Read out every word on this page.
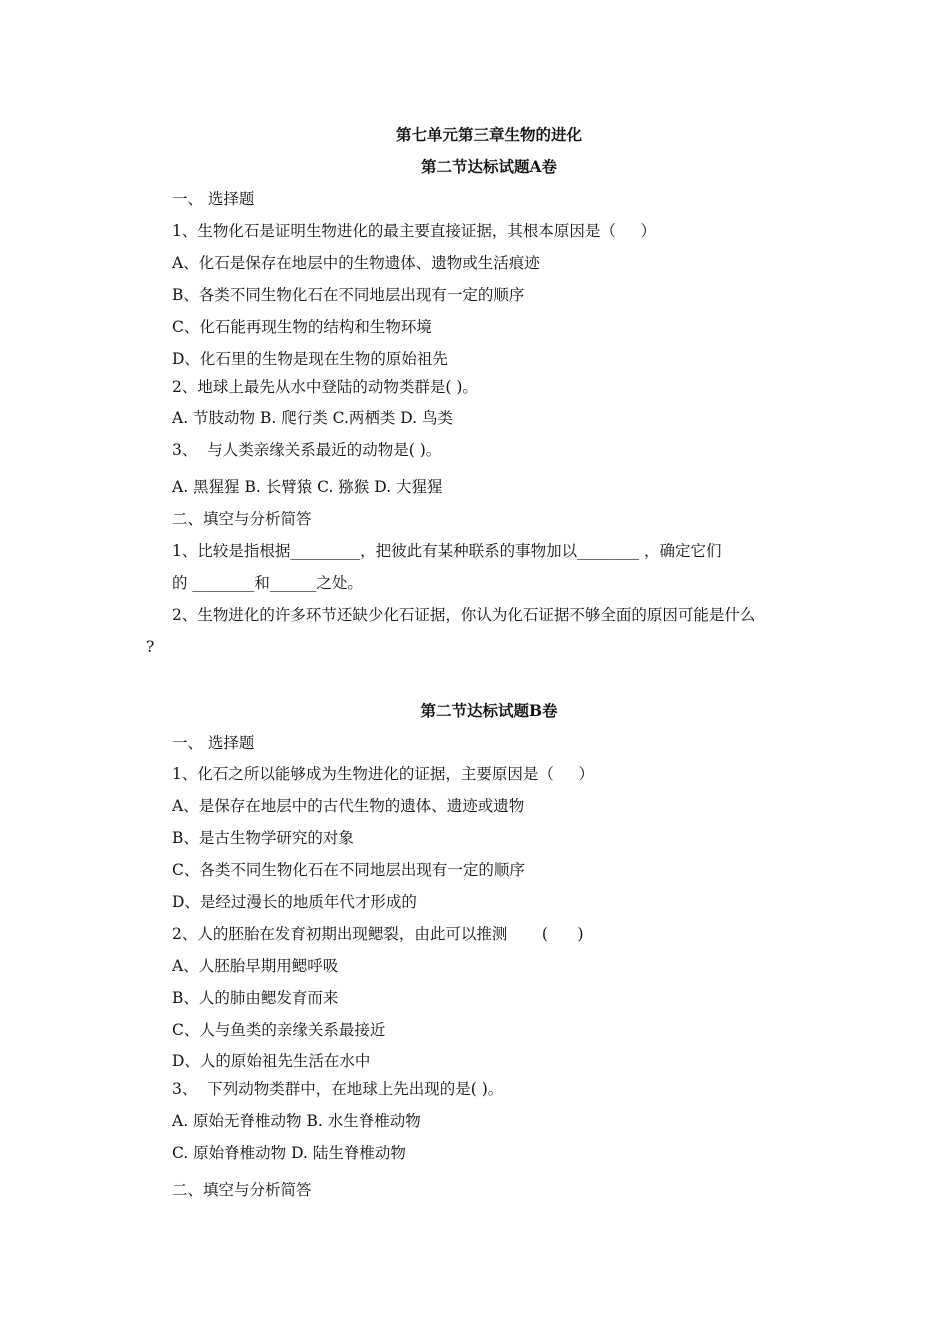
第七单元第三章生物的进化
第二节达标试题A卷
一、 选择题
1、生物化石是证明生物进化的最主要直接证据，其根本原因是（     ）
A、化石是保存在地层中的生物遗体、遗物或生活痕迹
B、各类不同生物化石在不同地层出现有一定的顺序
C、化石能再现生物的结构和生物环境
D、化石里的生物是现在生物的原始祖先
2、地球上最先从水中登陆的动物类群是( )。
A. 节肢动物 B. 爬行类 C.两栖类 D. 鸟类
3、  与人类亲缘关系最近的动物是( )。
A. 黑猩猩 B. 长臂猿 C. 猕猴 D. 大猩猩
二、填空与分析简答
1、比较是指根据_________，把彼此有某种联系的事物加以________ ，确定它们
的 ________和______之处。
2、生物进化的许多环节还缺少化石证据，你认为化石证据不够全面的原因可能是什么
?
第二节达标试题B卷
一、 选择题
1、化石之所以能够成为生物进化的证据，主要原因是（     ）
A、是保存在地层中的古代生物的遗体、遗迹或遗物
B、是古生物学研究的对象
C、各类不同生物化石在不同地层出现有一定的顺序
D、是经过漫长的地质年代才形成的
2、人的胚胎在发育初期出现鳃裂，由此可以推测       (      )
A、人胚胎早期用鳃呼吸
B、人的肺由鳃发育而来
C、人与鱼类的亲缘关系最接近
D、人的原始祖先生活在水中
3、  下列动物类群中，在地球上先出现的是( )。
A. 原始无脊椎动物 B. 水生脊椎动物
C. 原始脊椎动物 D. 陆生脊椎动物
二、填空与分析简答
